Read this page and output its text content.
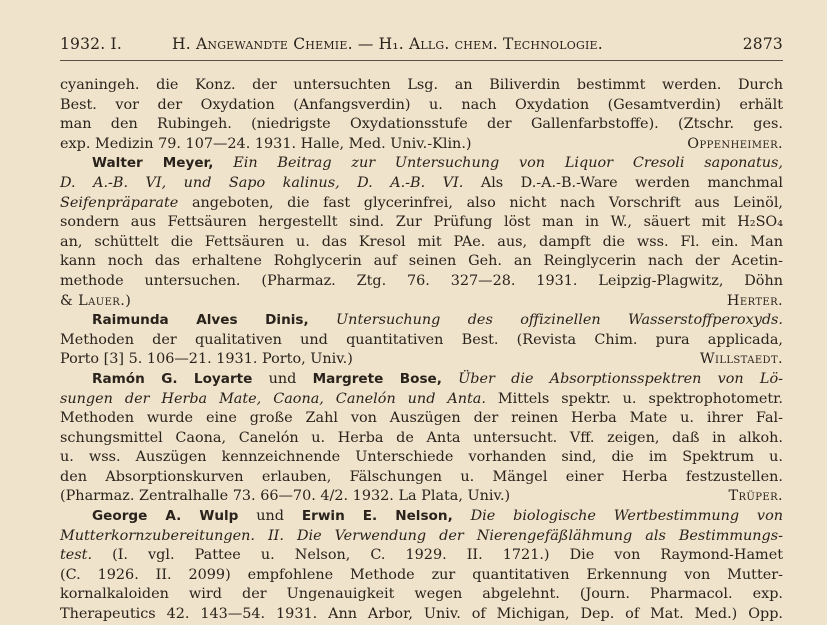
1932. I.	H. Angewandte Chemie. — H₁. Allg. chem. Technologie.	2873
cyaningeh. die Konz. der untersuchten Lsg. an Biliverdin bestimmt werden. Durch
Best. vor der Oxydation (Anfangsverdin) u. nach Oxydation (Gesamtverdin) erhält
man den Rubingeh. (niedrigste Oxydationsstufe der Gallenfarbstoffe). (Ztschr. ges.
exp. Medizin 79. 107—24. 1931. Halle, Med. Univ.-Klin.)	Oppenheimer.
Walter Meyer, Ein Beitrag zur Untersuchung von Liquor Cresoli saponatus,
D. A.-B. VI, und Sapo kalinus, D. A.-B. VI. Als D.-A.-B.-Ware werden manchmal
Seifenpräparate angeboten, die fast glycerinfrei, also nicht nach Vorschrift aus Leinöl,
sondern aus Fettsäuren hergestellt sind. Zur Prüfung löst man in W., säuert mit H₂SO₄
an, schüttelt die Fettsäuren u. das Kresol mit PAe. aus, dampft die wss. Fl. ein. Man
kann noch das erhaltene Rohglycerin auf seinen Geh. an Reinglycerin nach der Acetin-
methode untersuchen. (Pharmaz. Ztg. 76. 327—28. 1931. Leipzig-Plagwitz, Döhn
& Lauer.)	Herter.
Raimunda Alves Dinis, Untersuchung des offizinellen Wasserstoffperoxyds.
Methoden der qualitativen und quantitativen Best. (Revista Chim. pura applicada,
Porto [3] 5. 106—21. 1931. Porto, Univ.)	Willstaedt.
Ramón G. Loyarte und Margrete Bose, Über die Absorptionsspektren von Lö-
sungen der Herba Mate, Caona, Canelón und Anta. Mittels spektr. u. spektrophotometr.
Methoden wurde eine große Zahl von Auszügen der reinen Herba Mate u. ihrer Fal-
schungsmittel Caona, Canelón u. Herba de Anta untersucht. Vff. zeigen, daß in alkoh.
u. wss. Auszügen kennzeichnende Unterschiede vorhanden sind, die im Spektrum u.
den Absorptionskurven erlauben, Fälschungen u. Mängel einer Herba festzustellen.
(Pharmaz. Zentralhalle 73. 66—70. 4/2. 1932. La Plata, Univ.)	Trüper.
George A. Wulp und Erwin E. Nelson, Die biologische Wertbestimmung von
Mutterkornzubereitungen. II. Die Verwendung der Nierengefäßlähmung als Bestimmungs-
test. (I. vgl. Pattee u. Nelson, C. 1929. II. 1721.) Die von Raymond-Hamet
(C. 1926. II. 2099) empfohlene Methode zur quantitativen Erkennung von Mutter-
kornalkaloiden wird der Ungenauigkeit wegen abgelehnt. (Journ. Pharmacol. exp.
Therapeutics 42. 143—54. 1931. Ann Arbor, Univ. of Michigan, Dep. of Mat. Med.) Opp.
